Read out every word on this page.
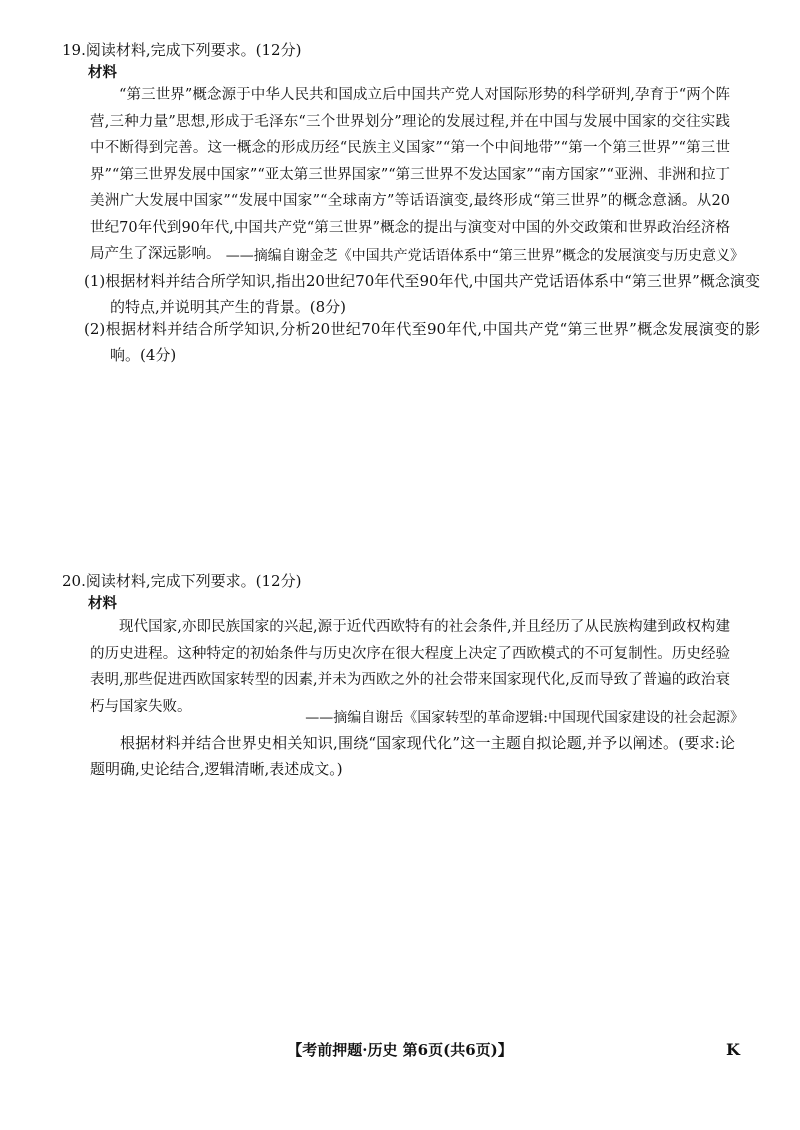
19.阅读材料,完成下列要求。(12分)
材料
“第三世界”概念源于中华人民共和国成立后中国共产党人对国际形势的科学研判,孕育于“两个阵营,三种力量”思想,形成于毛泽东“三个世界划分”理论的发展过程,并在中国与发展中国家的交往实践中不断得到完善。这一概念的形成历经“民族主义国家”“第一个中间地带”“第一个第三世界”“第三世界”“第三世界发展中国家”“亚太第三世界国家”“第三世界不发达国家”“南方国家”“亚洲、非洲和拉丁美洲广大发展中国家”“发展中国家”“全球南方”等话语演变,最终形成“第三世界”的概念意涵。从20世纪70年代到90年代,中国共产党“第三世界”概念的提出与演变对中国的外交政策和世界政治经济格局产生了深远影响。 ——摘编自谢金芝《中国共产党话语体系中“第三世界”概念的发展演变与历史意义》
(1)根据材料并结合所学知识,指出20世纪70年代至90年代,中国共产党话语体系中“第三世界”概念演变的特点,并说明其产生的背景。(8分)
(2)根据材料并结合所学知识,分析20世纪70年代至90年代,中国共产党“第三世界”概念发展演变的影响。(4分)
20.阅读材料,完成下列要求。(12分)
材料
现代国家,亦即民族国家的兴起,源于近代西欧特有的社会条件,并且经历了从民族构建到政权构建的历史进程。这种特定的初始条件与历史次序在很大程度上决定了西欧模式的不可复制性。历史经验表明,那些促进西欧国家转型的因素,并未为西欧之外的社会带来国家现代化,反而导致了普遍的政治衰朽与国家失败。
——摘编自谢岳《国家转型的革命逻辑:中国现代国家建设的社会起源》
根据材料并结合世界史相关知识,围绕“国家现代化”这一主题自拟论题,并予以阐述。(要求:论题明确,史论结合,逻辑清晰,表述成文。)
【考前押题·历史 第6页(共6页)】	K
